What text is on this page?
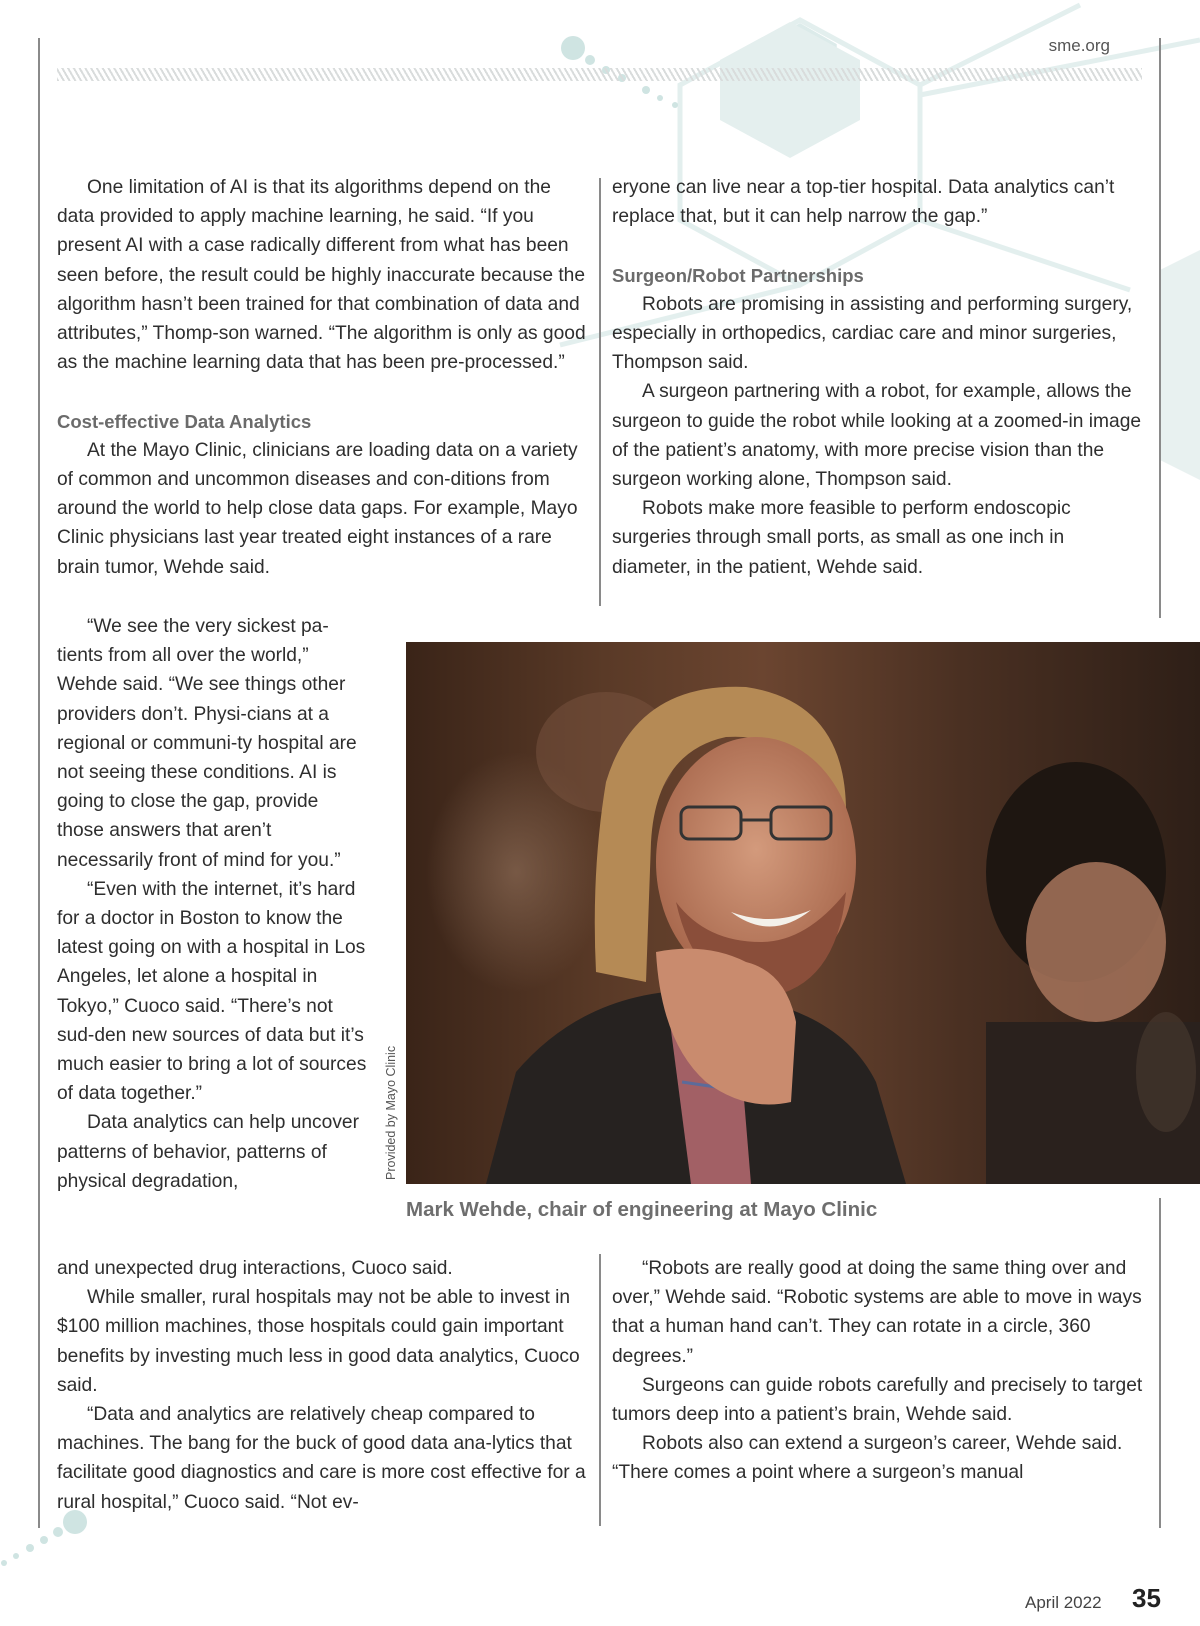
sme.org

One limitation of AI is that its algorithms depend on the data provided to apply machine learning, he said. “If you present AI with a case radically different from what has been seen before, the result could be highly inaccurate because the algorithm hasn’t been trained for that combination of data and attributes,” Thomp-son warned. “The algorithm is only as good as the machine learning data that has been pre-processed.”

Cost-effective Data Analytics

At the Mayo Clinic, clinicians are loading data on a variety of common and uncommon diseases and con-ditions from around the world to help close data gaps. For example, Mayo Clinic physicians last year treated eight instances of a rare brain tumor, Wehde said.

“We see the very sickest pa-tients from all over the world,” Wehde said. “We see things other providers don’t. Physi-cians at a regional or communi-ty hospital are not seeing these conditions. AI is going to close the gap, provide those answers that aren’t necessarily front of mind for you.”

“Even with the internet, it’s hard for a doctor in Boston to know the latest going on with a hospital in Los Angeles, let alone a hospital in Tokyo,” Cuoco said. “There’s not sud-den new sources of data but it’s much easier to bring a lot of sources of data together.”

Data analytics can help uncover patterns of behavior, patterns of physical degradation,

and unexpected drug interactions, Cuoco said.

While smaller, rural hospitals may not be able to invest in $100 million machines, those hospitals could gain important benefits by investing much less in good data analytics, Cuoco said.

“Data and analytics are relatively cheap compared to machines. The bang for the buck of good data ana-lytics that facilitate good diagnostics and care is more cost effective for a rural hospital,” Cuoco said. “Not ev-

eryone can live near a top-tier hospital. Data analytics can’t replace that, but it can help narrow the gap.”

Surgeon/Robot Partnerships

Robots are promising in assisting and performing surgery, especially in orthopedics, cardiac care and minor surgeries, Thompson said.

A surgeon partnering with a robot, for example, allows the surgeon to guide the robot while looking at a zoomed-in image of the patient’s anatomy, with more precise vision than the surgeon working alone, Thompson said.

Robots make more feasible to perform endoscopic surgeries through small ports, as small as one inch in diameter, in the patient, Wehde said.

“Robots are really good at doing the same thing over and over,” Wehde said. “Robotic systems are able to move in ways that a human hand can’t. They can rotate in a circle, 360 degrees.”

Surgeons can guide robots carefully and precisely to target tumors deep into a patient’s brain, Wehde said.

Robots also can extend a surgeon’s career, Wehde said. “There comes a point where a surgeon’s manual

Provided by Mayo Clinic
Mark Wehde, chair of engineering at Mayo Clinic
April 2022 35
